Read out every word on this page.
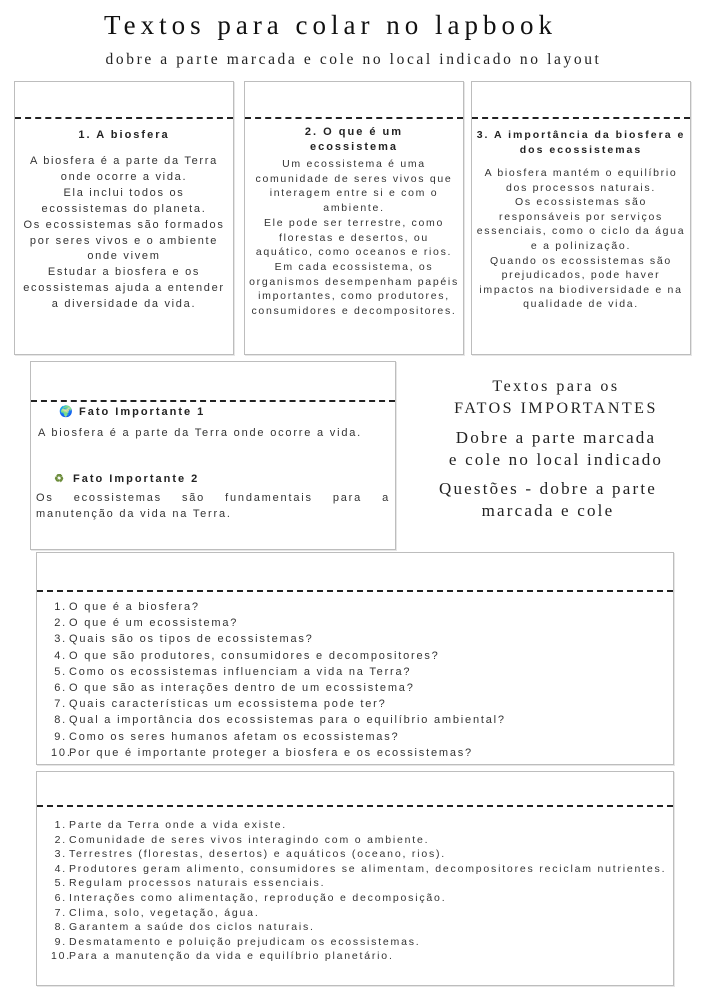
Textos para colar no lapbook
dobre a parte marcada e cole no local indicado no layout
1. A biosfera

A biosfera é a parte da Terra onde ocorre a vida.

Ela inclui todos os ecossistemas do planeta.

Os ecossistemas são formados por seres vivos e o ambiente onde vivem

Estudar a biosfera e os ecossistemas ajuda a entender a diversidade da vida.

2. O que é um ecossistema

Um ecossistema é uma comunidade de seres vivos que interagem entre si e com o ambiente.

Ele pode ser terrestre, como florestas e desertos, ou aquático, como oceanos e rios.

Em cada ecossistema, os organismos desempenham papéis importantes, como produtores, consumidores e decompositores.

3. A importância da biosfera e dos ecossistemas

A biosfera mantém o equilíbrio dos processos naturais.

Os ecossistemas são responsáveis por serviços essenciais, como o ciclo da água e a polinização.

Quando os ecossistemas são prejudicados, pode haver impactos na biodiversidade e na qualidade de vida.

🌍 Fato Importante 1
A biosfera é a parte da Terra onde ocorre a vida.
♻ Fato Importante 2
Os ecossistemas são fundamentais para a manutenção da vida na Terra.
Textos para os
FATOS IMPORTANTES
Dobre a parte marcada
e cole no local indicado
Questões - dobre a parte
marcada e cole
1. O que é a biosfera?
2. O que é um ecossistema?
3. Quais são os tipos de ecossistemas?
4. O que são produtores, consumidores e decompositores?
5. Como os ecossistemas influenciam a vida na Terra?
6. O que são as interações dentro de um ecossistema?
7. Quais características um ecossistema pode ter?
8. Qual a importância dos ecossistemas para o equilíbrio ambiental?
9. Como os seres humanos afetam os ecossistemas?
10.
Por que é importante proteger a biosfera e os ecossistemas?
1. Parte da Terra onde a vida existe.
2. Comunidade de seres vivos interagindo com o ambiente.
3. Terrestres (florestas, desertos) e aquáticos (oceano, rios).
4. Produtores geram alimento, consumidores se alimentam, decompositores reciclam nutrientes.
5. Regulam processos naturais essenciais.
6. Interações como alimentação, reprodução e decomposição.
7. Clima, solo, vegetação, água.
8. Garantem a saúde dos ciclos naturais.
9. Desmatamento e poluição prejudicam os ecossistemas.
10.
Para a manutenção da vida e equilíbrio planetário.
